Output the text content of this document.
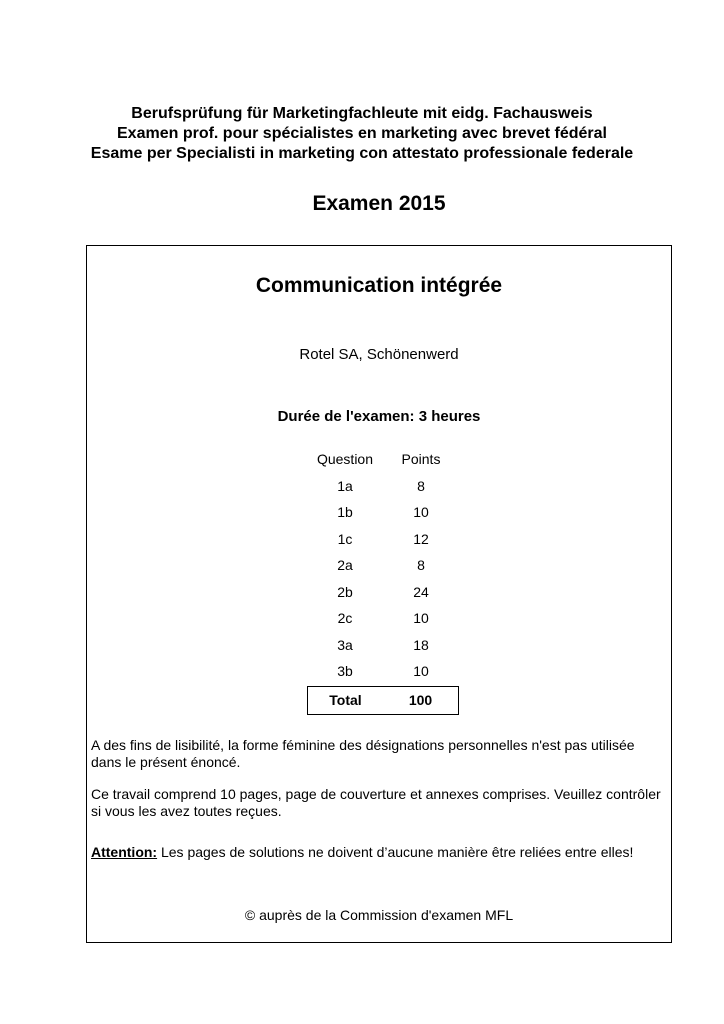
Berufsprüfung für Marketingfachleute mit eidg. Fachausweis
Examen prof. pour spécialistes en marketing avec brevet fédéral
Esame per Specialisti in marketing con attestato professionale federale
Examen 2015
Communication intégrée
Rotel SA, Schönenwerd
Durée de l'examen: 3 heures
Question	Points
1a	8
1b	10
1c	12
2a	8
2b	24
2c	10
3a	18
3b	10
Total	100
A des fins de lisibilité, la forme féminine des désignations personnelles n'est pas utilisée dans le présent énoncé.
Ce travail comprend 10 pages, page de couverture et annexes comprises. Veuillez contrôler si vous les avez toutes reçues.
Attention: Les pages de solutions ne doivent d’aucune manière être reliées entre elles!
© auprès de la Commission d'examen MFL
